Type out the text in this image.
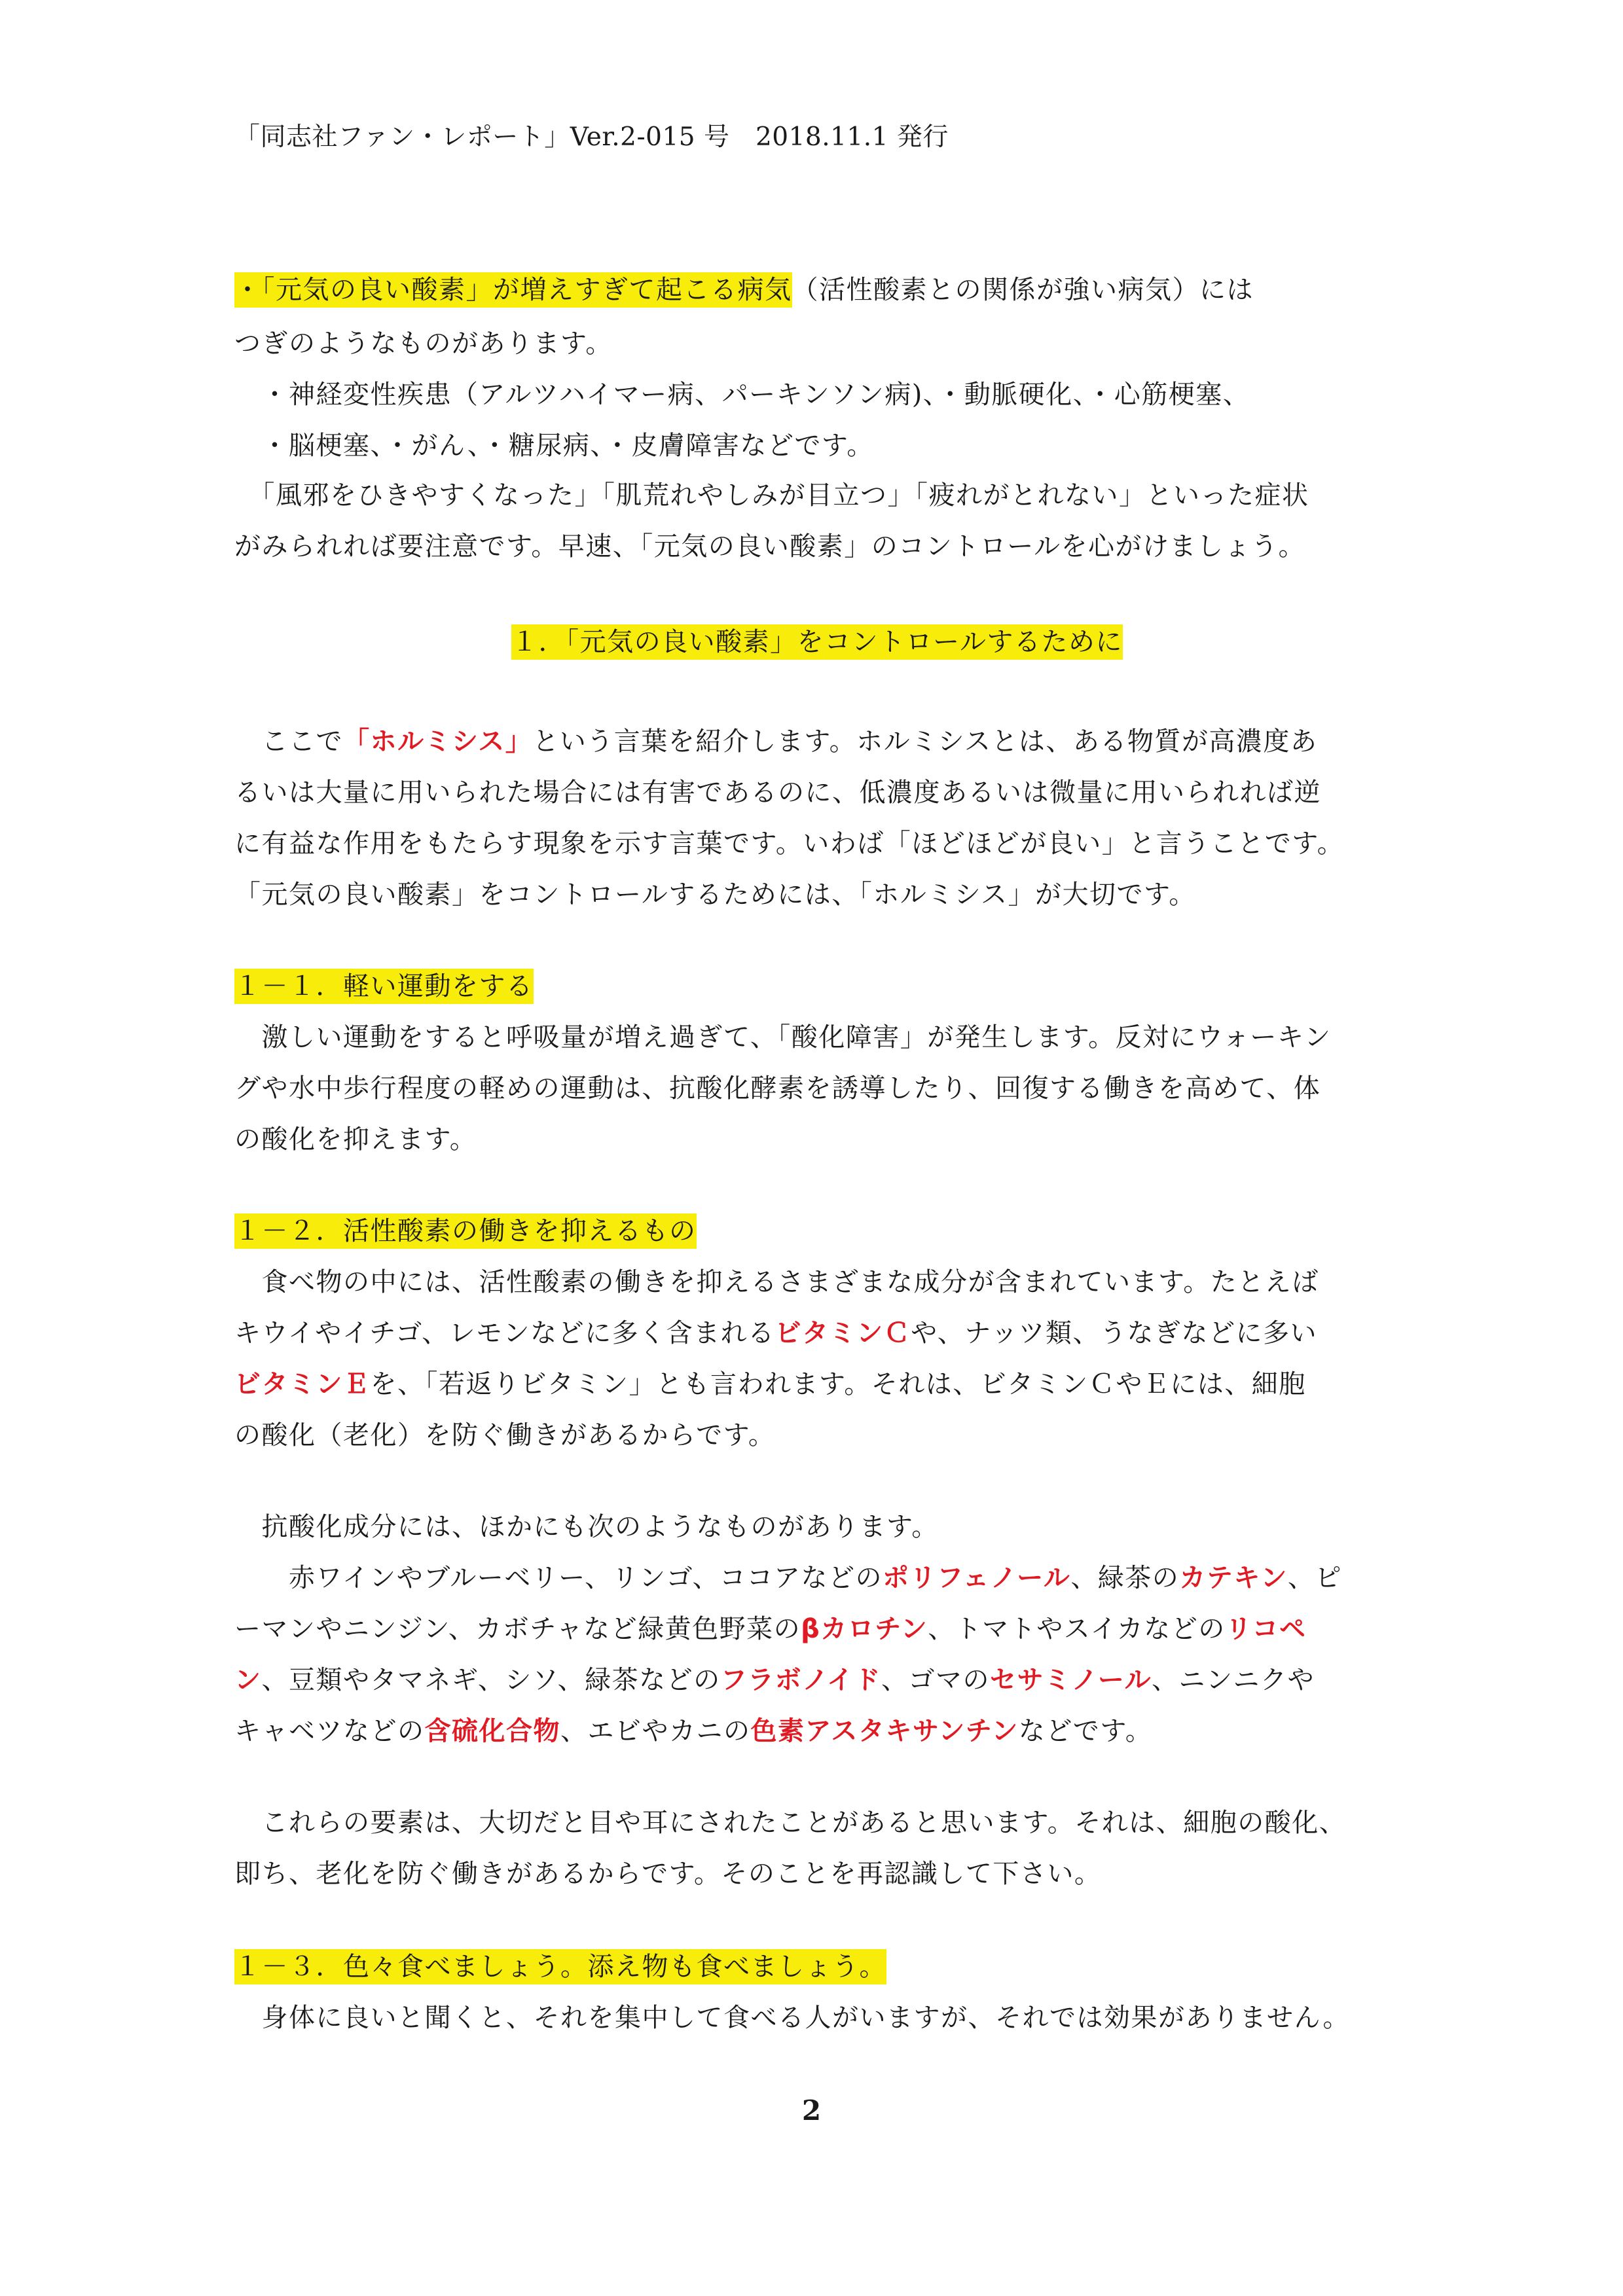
「同志社ファン・レポート」Ver.2-015 号　2018.11.1 発行
・「元気の良い酸素」が増えすぎて起こる病気（活性酸素との関係が強い病気）には
つぎのようなものがあります。
　・神経変性疾患（アルツハイマー病、パーキンソン病)、・動脈硬化、・心筋梗塞、
　・脳梗塞、・がん、・糖尿病、・皮膚障害などです。
　「風邪をひきやすくなった」「肌荒れやしみが目立つ」「疲れがとれない」といった症状
がみられれば要注意です。早速、「元気の良い酸素」のコントロールを心がけましょう。
１．「元気の良い酸素」をコントロールするために
　ここで「ホルミシス」という言葉を紹介します。ホルミシスとは、ある物質が高濃度あ
るいは大量に用いられた場合には有害であるのに、低濃度あるいは微量に用いられれば逆
に有益な作用をもたらす現象を示す言葉です。いわば「ほどほどが良い」と言うことです。
「元気の良い酸素」をコントロールするためには、「ホルミシス」が大切です。
１－１．軽い運動をする
　激しい運動をすると呼吸量が増え過ぎて、「酸化障害」が発生します。反対にウォーキン
グや水中歩行程度の軽めの運動は、抗酸化酵素を誘導したり、回復する働きを高めて、体
の酸化を抑えます。
１－２．活性酸素の働きを抑えるもの
　食べ物の中には、活性酸素の働きを抑えるさまざまな成分が含まれています。たとえば
キウイやイチゴ、レモンなどに多く含まれるビタミンＣや、ナッツ類、うなぎなどに多い
ビタミンＥを、「若返りビタミン」とも言われます。それは、ビタミンＣやＥには、細胞
の酸化（老化）を防ぐ働きがあるからです。
　抗酸化成分には、ほかにも次のようなものがあります。
　　赤ワインやブルーベリー、リンゴ、ココアなどのポリフェノール、緑茶のカテキン、ピ
ーマンやニンジン、カボチャなど緑黄色野菜のβカロチン、トマトやスイカなどのリコペ
ン、豆類やタマネギ、シソ、緑茶などのフラボノイド、ゴマのセサミノール、ニンニクや
キャベツなどの含硫化合物、エビやカニの色素アスタキサンチンなどです。
　これらの要素は、大切だと目や耳にされたことがあると思います。それは、細胞の酸化、
即ち、老化を防ぐ働きがあるからです。そのことを再認識して下さい。
１－３．色々食べましょう。添え物も食べましょう。
　身体に良いと聞くと、それを集中して食べる人がいますが、それでは効果がありません。
2
